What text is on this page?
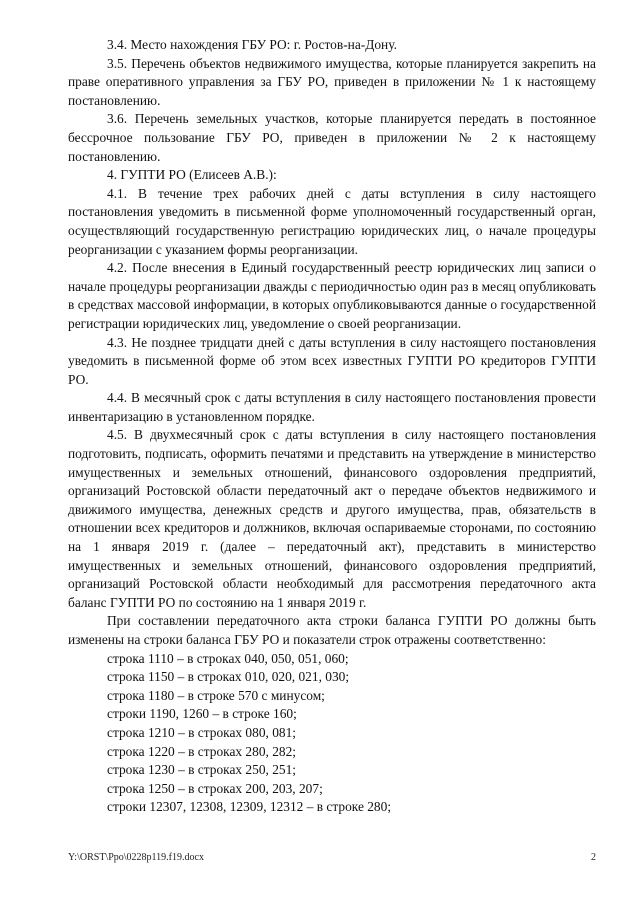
3.4. Место нахождения ГБУ РО: г. Ростов-на-Дону.

3.5. Перечень объектов недвижимого имущества, которые планируется закрепить на праве оперативного управления за ГБУ РО, приведен в приложении № 1 к настоящему постановлению.

3.6. Перечень земельных участков, которые планируется передать в постоянное бессрочное пользование ГБУ РО, приведен в приложении № 2 к настоящему постановлению.

4. ГУПТИ РО (Елисеев А.В.):

4.1. В течение трех рабочих дней с даты вступления в силу настоящего постановления уведомить в письменной форме уполномоченный государственный орган, осуществляющий государственную регистрацию юридических лиц, о начале процедуры реорганизации с указанием формы реорганизации.

4.2. После внесения в Единый государственный реестр юридических лиц записи о начале процедуры реорганизации дважды с периодичностью один раз в месяц опубликовать в средствах массовой информации, в которых опубликовываются данные о государственной регистрации юридических лиц, уведомление о своей реорганизации.

4.3. Не позднее тридцати дней с даты вступления в силу настоящего постановления уведомить в письменной форме об этом всех известных ГУПТИ РО кредиторов ГУПТИ РО.

4.4. В месячный срок с даты вступления в силу настоящего постановления провести инвентаризацию в установленном порядке.

4.5. В двухмесячный срок с даты вступления в силу настоящего постановления подготовить, подписать, оформить печатями и представить на утверждение в министерство имущественных и земельных отношений, финансового оздоровления предприятий, организаций Ростовской области передаточный акт о передаче объектов недвижимого и движимого имущества, денежных средств и другого имущества, прав, обязательств в отношении всех кредиторов и должников, включая оспариваемые сторонами, по состоянию на 1 января 2019 г. (далее – передаточный акт), представить в министерство имущественных и земельных отношений, финансового оздоровления предприятий, организаций Ростовской области необходимый для рассмотрения передаточного акта баланс ГУПТИ РО по состоянию на 1 января 2019 г.

При составлении передаточного акта строки баланса ГУПТИ РО должны быть изменены на строки баланса ГБУ РО и показатели строк отражены соответственно:

строка 1110 – в строках 040, 050, 051, 060;
строка 1150 – в строках 010, 020, 021, 030;
строка 1180 – в строке 570 с минусом;
строки 1190, 1260 – в строке 160;
строка 1210 – в строках 080, 081;
строка 1220 – в строках 280, 282;
строка 1230 – в строках 250, 251;
строка 1250 – в строках 200, 203, 207;
строки 12307, 12308, 12309, 12312 – в строке 280;
Y:\ORST\Ppo\0228p119.f19.docx	2
